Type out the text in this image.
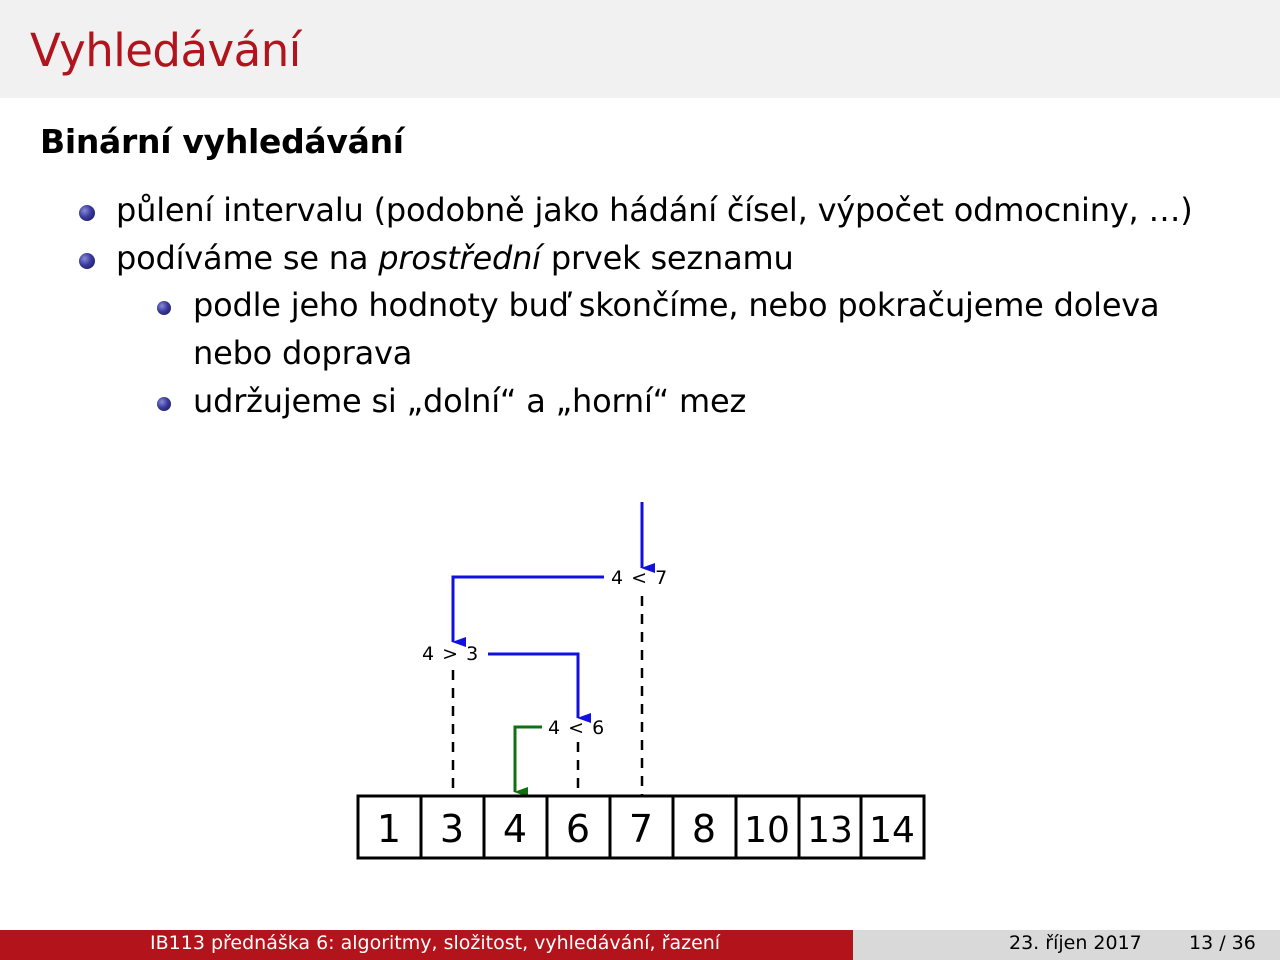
Vyhledávání
Binární vyhledávání
půlení intervalu (podobně jako hádání čísel, výpočet odmocniny, …)
podíváme se na prostřední prvek seznamu
podle jeho hodnoty buď skončíme, nebo pokračujeme doleva
nebo doprava
udržujeme si „dolní“ a „horní“ mez
4 < 7
4 > 3
4 < 6
1 3 4 6 7 8 10 13 14
IB113 přednáška 6: algoritmy, složitost, vyhledávání, řazení	23. říjen 2017 13 / 36
